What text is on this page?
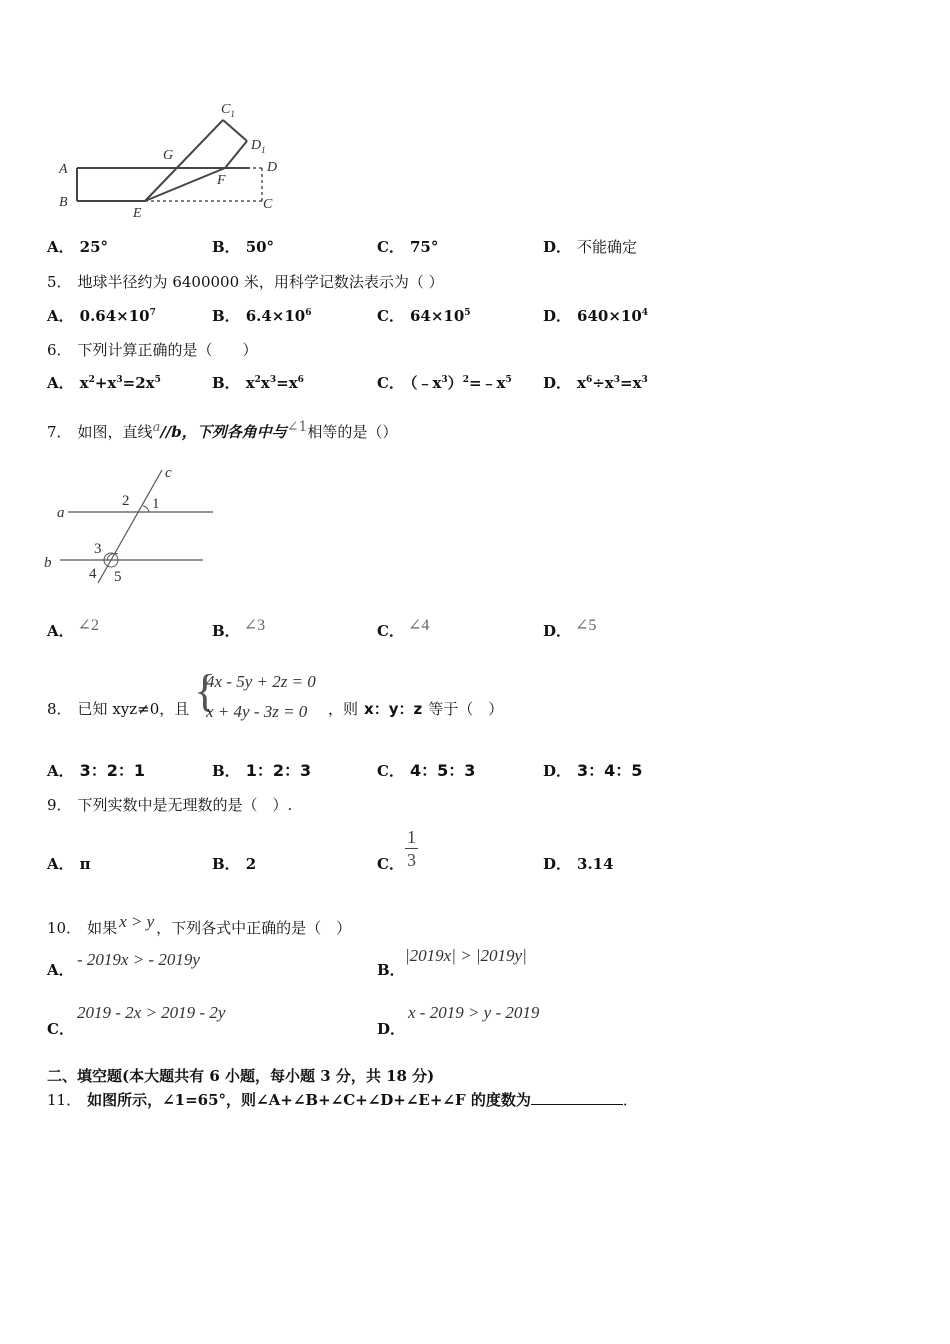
A
B
E
C
D
F
G
$C_1$
$D_1$
A． 25°	B． 50°	C． 75°	D． 不能确定
5． 地球半径约为 6400000 米，用科学记数法表示为（ ）
A． $0.64\times 10^7$	B． $6.4\times 10^6$	C． $64\times 10^5$	D． $640\times 10^4$
6． 下列计算正确的是（　　）
A． $x^2+x^3=2x^5$	B． $x^2x^3=x^6$	C． $(﹣x^3)^2=﹣x^5$ D． $x^6\div x^3=x^3$
7． 如图，直线a//b，下列各角中与∠1相等的是（）
c
a
b
2 1
3
4 5
A． ∠2	B． ∠3	C． ∠4	D． ∠5
8． 已知 xyz≠0，且 {
4x - 5y + 2z = 0
x + 4y - 3z = 0 ，则 x：y：z 等于（　）
A． 3：2：1	B． 1：2：3	C． 4：5：3	D． 3：4：5
9． 下列实数中是无理数的是（　）.
A． π	B． 2	C． $\frac{1}{3}$	D． 3.14
10． 如果 x > y ，下列各式中正确的是（　）
A．
- 2019x > - 2019y
B．
|2019x| > |2019y|
C．
2019 - 2x > 2019 - 2y
D．
x - 2019 > y - 2019
二、填空题(本大题共有 6 小题，每小题 3 分，共 18 分)
11． 如图所示，∠1=65°，则∠A+∠B+∠C+∠D+∠E+∠F 的度数为	．
